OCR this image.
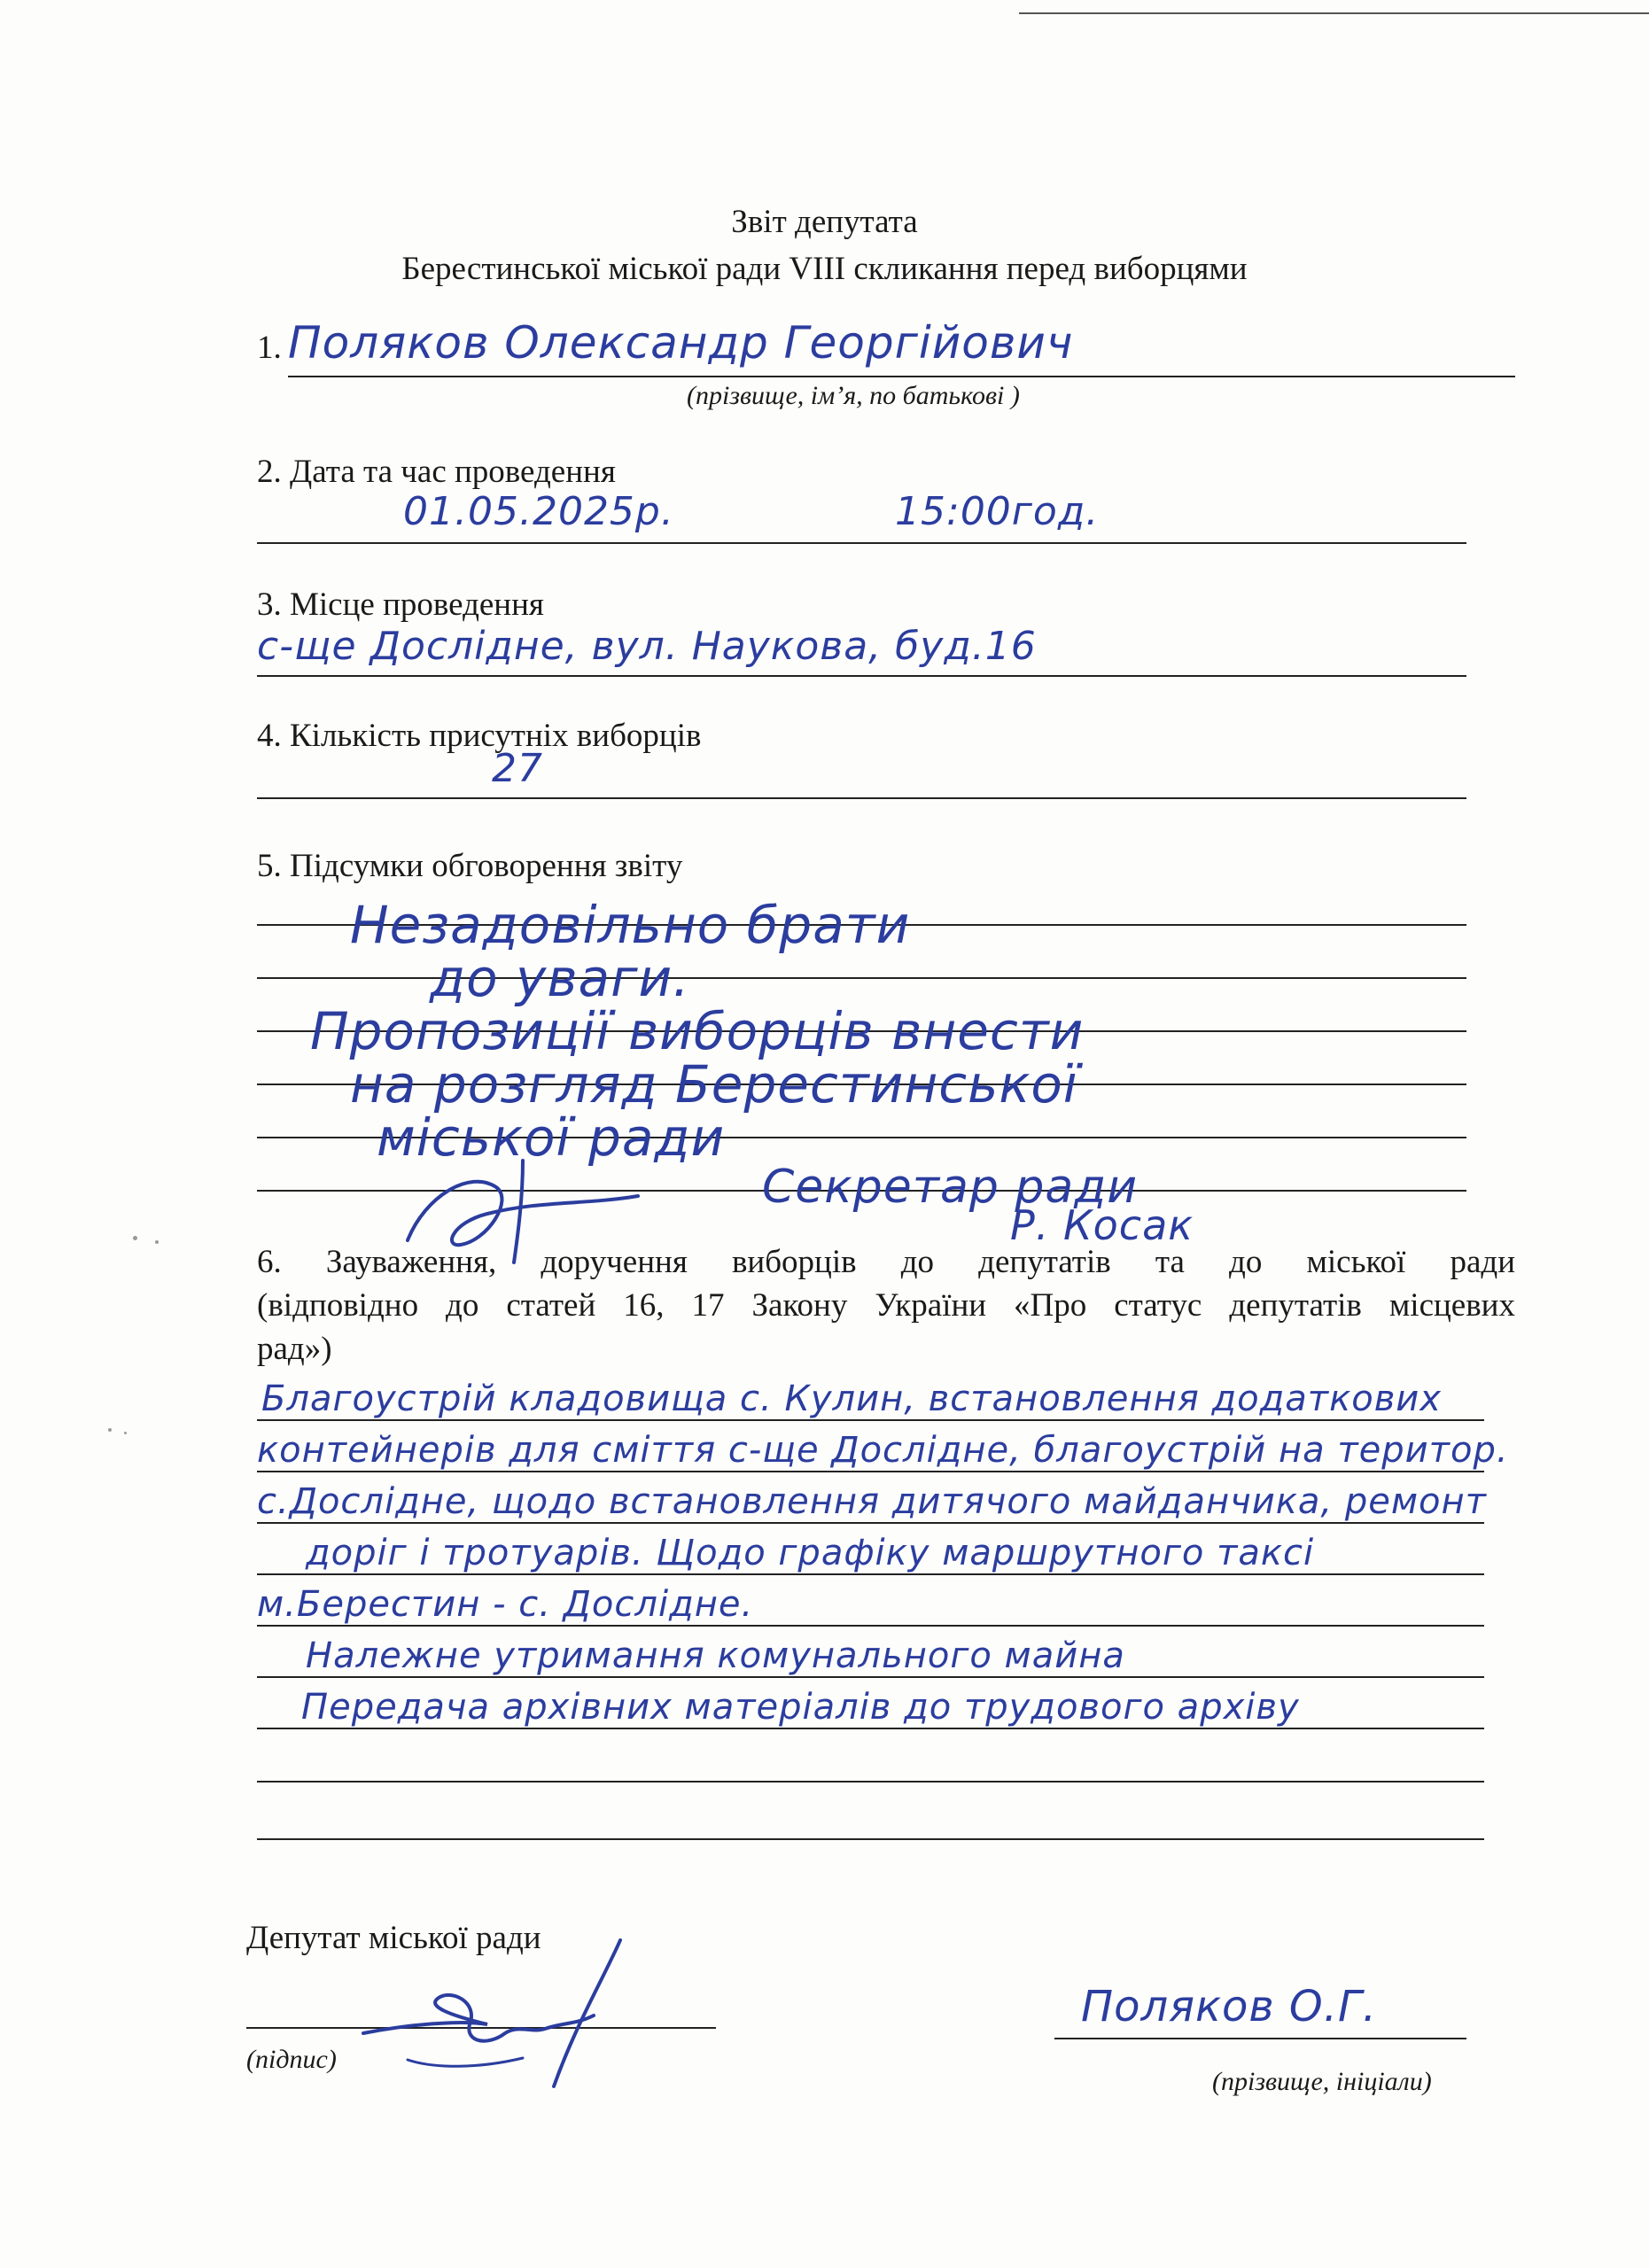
Звіт депутата
Берестинської міської ради VIII скликання перед виборцями
1. Поляков Олександр Георгійович
(прізвище, ім’я, по батькові )
2. Дата та час проведення
01.05.2025р.	15:00год.
3. Місце проведення
с-ще Дослідне, вул. Наукова, буд.16
4. Кількість присутніх виборців
27
5. Підсумки обговорення звіту
Незадовільно брати
до уваги.
Пропозиції виборців внести
на розгляд Берестинської
міської ради
Секретар ради
Р. Косак
6. Зауваження, доручення виборців до депутатів та до міської ради
(відповідно до статей 16, 17 Закону України «Про статус депутатів місцевих
рад»)
Благоустрій кладовища с. Кулин, встановлення додаткових
контейнерів для сміття с-ще Дослідне, благоустрій на територ.
с.Дослідне, щодо встановлення дитячого майданчика, ремонт
доріг і тротуарів. Щодо графіку маршрутного таксі
м.Берестин - с. Дослідне.
Належне утримання комунального майна
Передача архівних матеріалів до трудового архіву
Депутат міської ради
(підпис)
Поляков О.Г.
(прізвище, ініціали)
